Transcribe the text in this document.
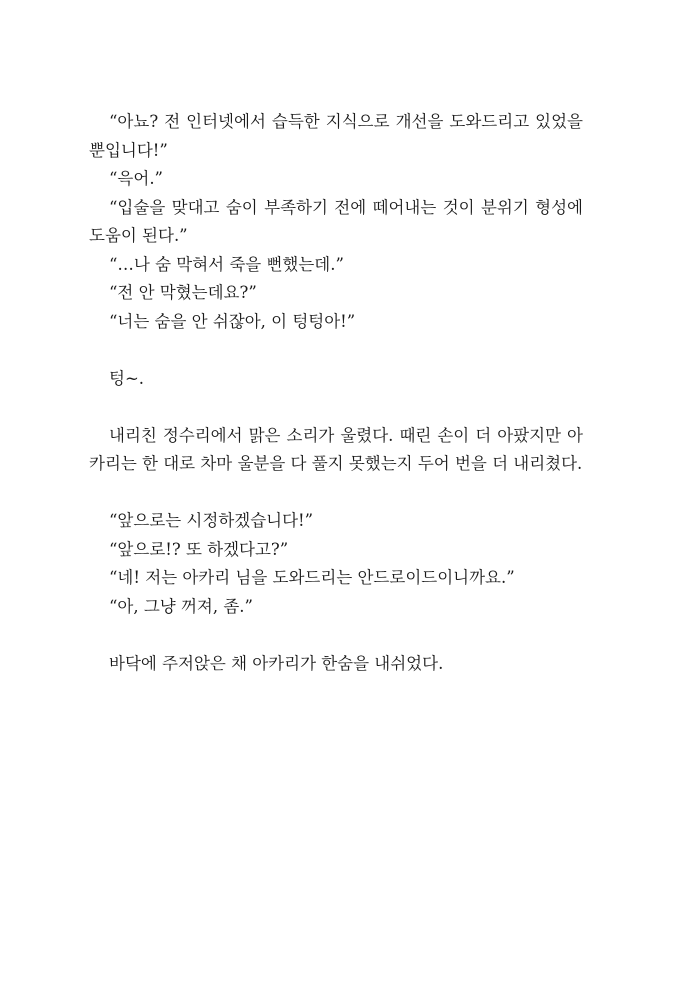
“아뇨? 전 인터넷에서 습득한 지식으로 개선을 도와드리고 있었을 뿐입니다!”

“윽어.”

“입술을 맞대고 숨이 부족하기 전에 떼어내는 것이 분위기 형성에 도움이 된다.”

“…나 숨 막혀서 죽을 뻔했는데.”

“전 안 막혔는데요?”

“너는 숨을 안 쉬잖아, 이 텅텅아!”

텅~.

내리친 정수리에서 맑은 소리가 울렸다. 때린 손이 더 아팠지만 아카리는 한 대로 차마 울분을 다 풀지 못했는지 두어 번을 더 내리쳤다.

“앞으로는 시정하겠습니다!”

“앞으로!? 또 하겠다고?”

“네! 저는 아카리 님을 도와드리는 안드로이드이니까요.”

“아, 그냥 꺼져, 좀.”

바닥에 주저앉은 채 아카리가 한숨을 내쉬었다.
